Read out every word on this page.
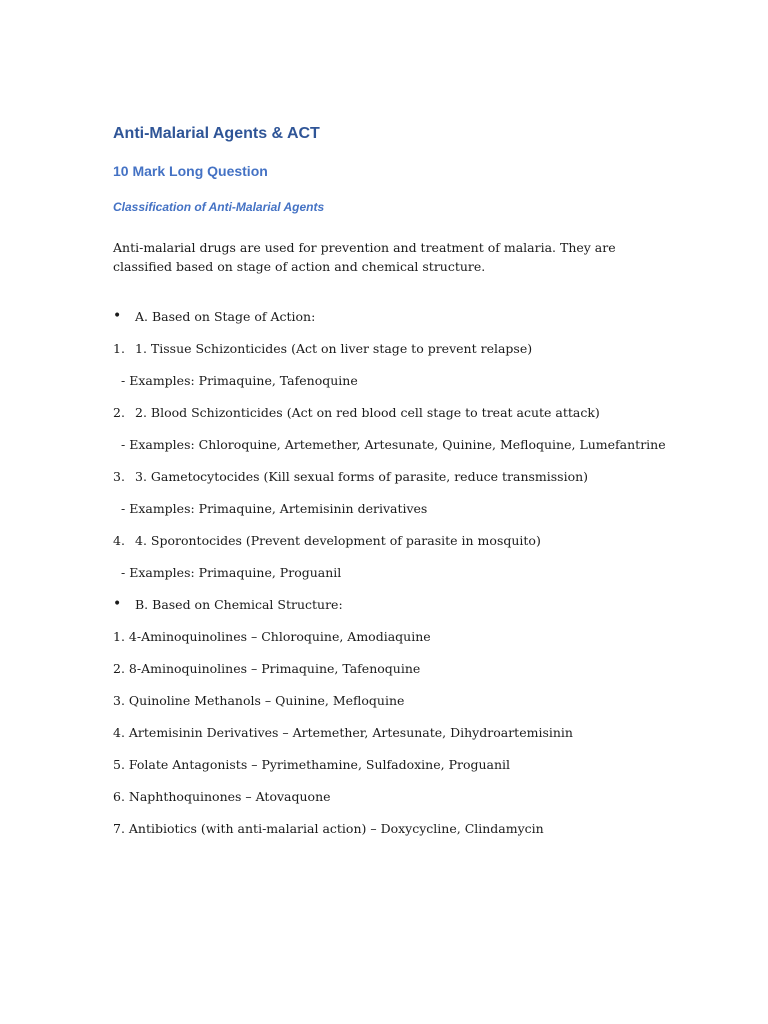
Anti-Malarial Agents & ACT
10 Mark Long Question
Classification of Anti-Malarial Agents
Anti-malarial drugs are used for prevention and treatment of malaria. They are classified based on stage of action and chemical structure.
• A. Based on Stage of Action:
1. 1. Tissue Schizonticides (Act on liver stage to prevent relapse)
- Examples: Primaquine, Tafenoquine
2. 2. Blood Schizonticides (Act on red blood cell stage to treat acute attack)
- Examples: Chloroquine, Artemether, Artesunate, Quinine, Mefloquine, Lumefantrine
3. 3. Gametocytocides (Kill sexual forms of parasite, reduce transmission)
- Examples: Primaquine, Artemisinin derivatives
4. 4. Sporontocides (Prevent development of parasite in mosquito)
- Examples: Primaquine, Proguanil
• B. Based on Chemical Structure:
1. 4-Aminoquinolines – Chloroquine, Amodiaquine
2. 8-Aminoquinolines – Primaquine, Tafenoquine
3. Quinoline Methanols – Quinine, Mefloquine
4. Artemisinin Derivatives – Artemether, Artesunate, Dihydroartemisinin
5. Folate Antagonists – Pyrimethamine, Sulfadoxine, Proguanil
6. Naphthoquinones – Atovaquone
7. Antibiotics (with anti-malarial action) – Doxycycline, Clindamycin
